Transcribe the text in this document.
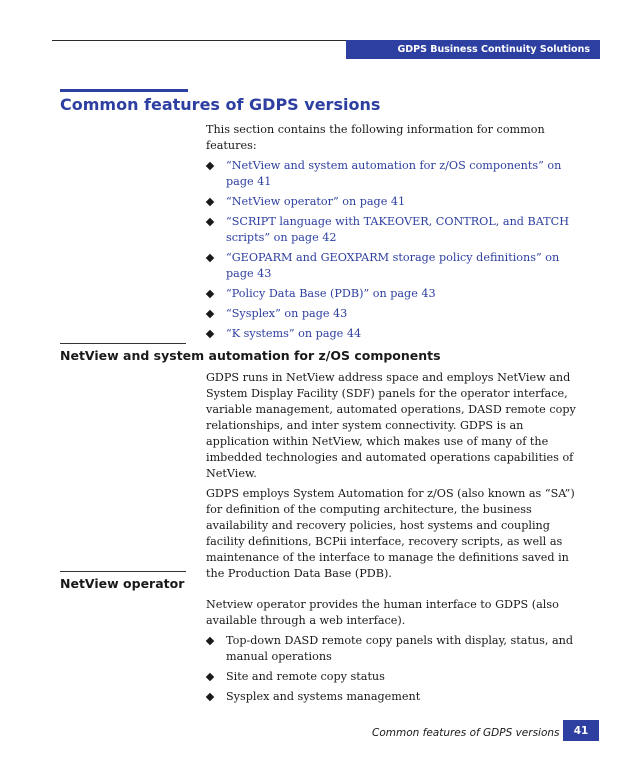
GDPS Business Continuity Solutions
Common features of GDPS versions

This section contains the following information for common features:

“NetView and system automation for z/OS components” on page 41
“NetView operator” on page 41
“SCRIPT language with TAKEOVER, CONTROL, and BATCH scripts” on page 42
“GEOPARM and GEOXPARM storage policy definitions” on page 43
“Policy Data Base (PDB)” on page 43
“Sysplex” on page 43
“K systems” on page 44
NetView and system automation for z/OS components

GDPS runs in NetView address space and employs NetView and System Display Facility (SDF) panels for the operator interface, variable management, automated operations, DASD remote copy relationships, and inter system connectivity. GDPS is an application within NetView, which makes use of many of the imbedded technologies and automated operations capabilities of NetView.

GDPS employs System Automation for z/OS (also known as “SA”) for definition of the computing architecture, the business availability and recovery policies, host systems and coupling facility definitions, BCPii interface, recovery scripts, as well as maintenance of the interface to manage the definitions saved in the Production Data Base (PDB).

NetView operator

Netview operator provides the human interface to GDPS (also available through a web interface).

Top-down DASD remote copy panels with display, status, and manual operations
Site and remote copy status
Sysplex and systems management
Common features of GDPS versions 41
